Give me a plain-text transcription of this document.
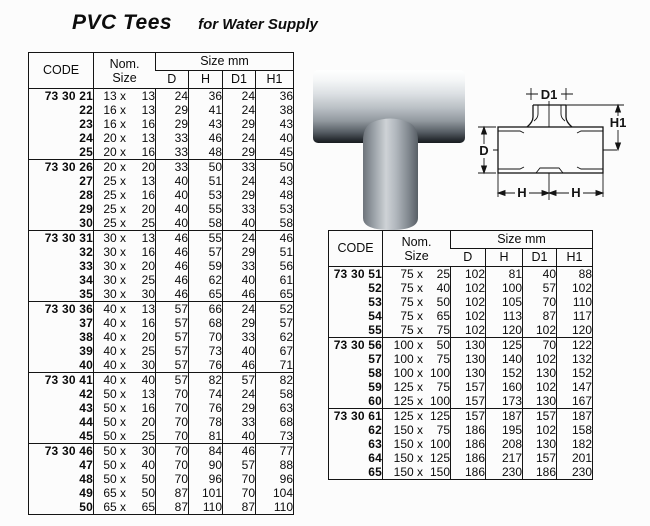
PVC Tees for Water Supply
D1
H1
D
H	H
CODE	Nom.
Size	Size mm			
		D	H	D1	H1
73 30 21	13 x 13	24	36	24	36
22	16 x 13	29	41	24	38
23	16 x 16	29	43	29	43
24	20 x 13	33	46	24	40
25	20 x 16	33	48	29	45
73 30 26	20 x 20	33	50	33	50
27	25 x 13	40	51	24	43
28	25 x 16	40	53	29	48
29	25 x 20	40	55	33	53
30	25 x 25	40	58	40	58
73 30 31	30 x 13	46	55	24	46
32	30 x 16	46	57	29	51
33	30 x 20	46	59	33	56
34	30 x 25	46	62	40	61
35	30 x 30	46	65	46	65
73 30 36	40 x 13	57	66	24	52
37	40 x 16	57	68	29	57
38	40 x 20	57	70	33	62
39	40 x 25	57	73	40	67
40	40 x 30	57	76	46	71
73 30 41	40 x 40	57	82	57	82
42	50 x 13	70	74	24	58
43	50 x 16	70	76	29	63
44	50 x 20	70	78	33	68
45	50 x 25	70	81	40	73
73 30 46	50 x 30	70	84	46	77
47	50 x 40	70	90	57	88
48	50 x 50	70	96	70	96
49	65 x 50	87	101	70	104
50	65 x 65	87	110	87	110
CODE	Nom.
Size	Size mm			
		D	H	D1	H1
73 30 51	75 x 25	102	81	40	88
52	75 x 40	102	100	57	102
53	75 x 50	102	105	70	110
54	75 x 65	102	113	87	117
55	75 x 75	102	120	102	120
73 30 56	100 x 50	130	125	70	122
57	100 x 75	130	140	102	132
58	100 x 100	130	152	130	152
59	125 x 75	157	160	102	147
60	125 x 100	157	173	130	167
73 30 61	125 x 125	157	187	157	187
62	150 x 75	186	195	102	158
63	150 x 100	186	208	130	182
64	150 x 125	186	217	157	201
65	150 x 150	186	230	186	230
